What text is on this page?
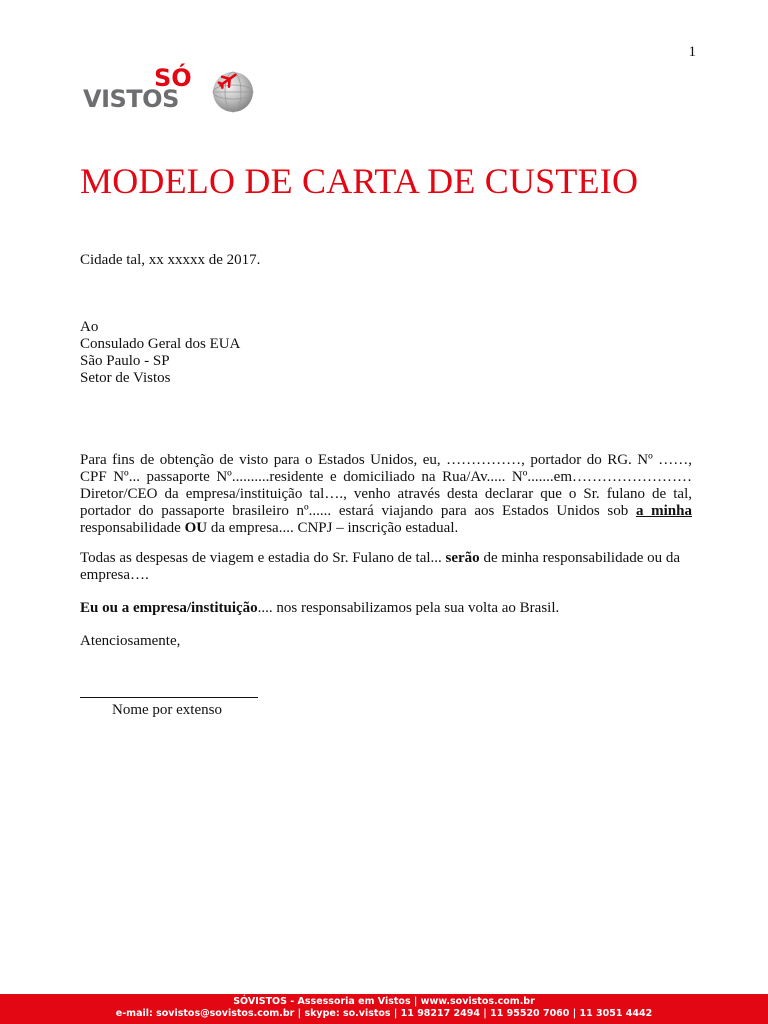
1
SÓ
VISTOS
MODELO DE CARTA DE CUSTEIO
Cidade tal, xx xxxxx de 2017.
Ao
Consulado Geral dos EUA
São Paulo - SP
Setor de Vistos
Para fins de obtenção de visto para o Estados Unidos, eu, ……………, portador do RG. Nº ……, CPF Nº... passaporte Nº..........residente e domiciliado na Rua/Av..... Nº.......em…………………… Diretor/CEO da empresa/instituição tal…., venho através desta declarar que o Sr. fulano de tal, portador do passaporte brasileiro nº...... estará viajando para aos Estados Unidos sob a minha responsabilidade OU da empresa.... CNPJ – inscrição estadual.
Todas as despesas de viagem e estadia do Sr. Fulano de tal... serão de minha responsabilidade ou da empresa….
Eu ou a empresa/instituição.... nos responsabilizamos pela sua volta ao Brasil.
Atenciosamente,
Nome por extenso
SÓVISTOS - Assessoria em Vistos | www.sovistos.com.br
e-mail: sovistos@sovistos.com.br | skype: so.vistos | 11 98217 2494 | 11 95520 7060 | 11 3051 4442
